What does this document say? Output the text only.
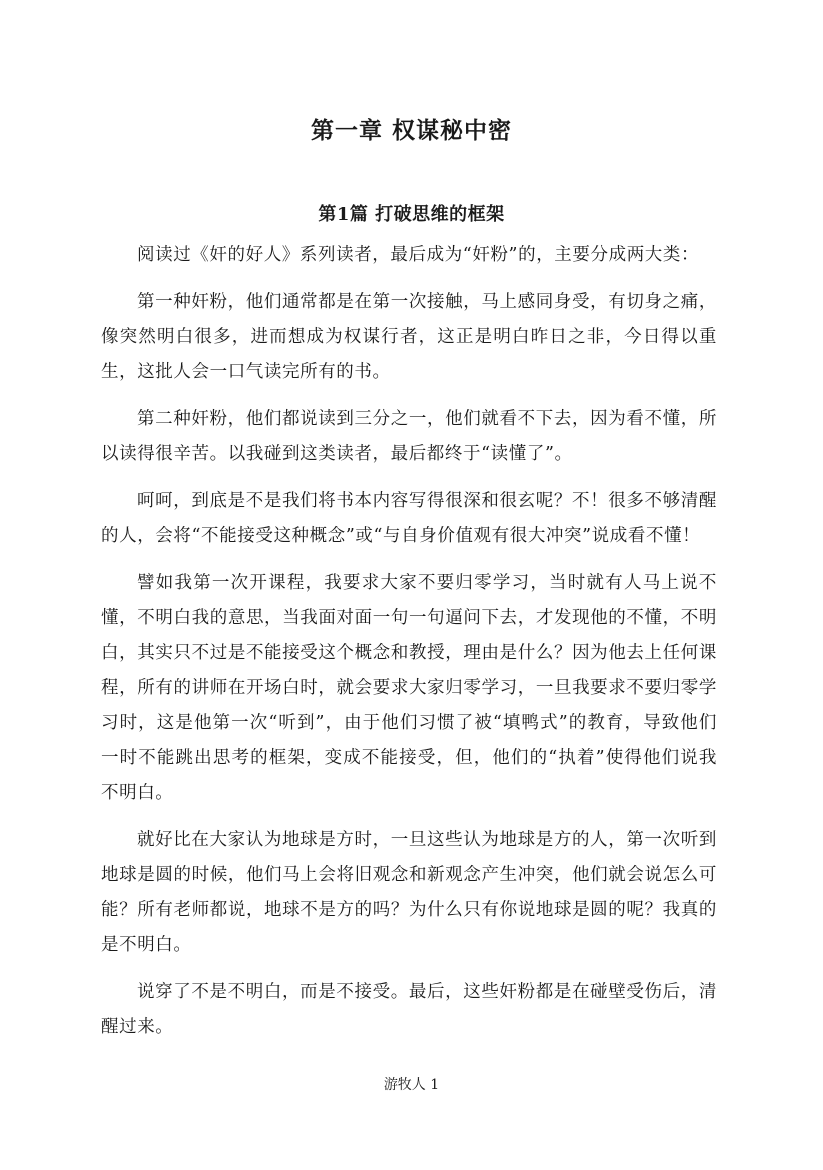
第一章 权谋秘中密
第1篇 打破思维的框架

阅读过《奸的好人》系列读者，最后成为“奸粉”的，主要分成两大类：

第一种奸粉，他们通常都是在第一次接触，马上感同身受，有切身之痛，像突然明白很多，进而想成为权谋行者，这正是明白昨日之非，今日得以重生，这批人会一口气读完所有的书。

第二种奸粉，他们都说读到三分之一，他们就看不下去，因为看不懂，所以读得很辛苦。以我碰到这类读者，最后都终于“读懂了”。

呵呵，到底是不是我们将书本内容写得很深和很玄呢？不！很多不够清醒的人，会将“不能接受这种概念”或“与自身价值观有很大冲突”说成看不懂！

譬如我第一次开课程，我要求大家不要归零学习，当时就有人马上说不懂，不明白我的意思，当我面对面一句一句逼问下去，才发现他的不懂，不明白，其实只不过是不能接受这个概念和教授，理由是什么？因为他去上任何课程，所有的讲师在开场白时，就会要求大家归零学习，一旦我要求不要归零学习时，这是他第一次“听到”，由于他们习惯了被“填鸭式”的教育，导致他们一时不能跳出思考的框架，变成不能接受，但，他们的“执着”使得他们说我不明白。

就好比在大家认为地球是方时，一旦这些认为地球是方的人，第一次听到地球是圆的时候，他们马上会将旧观念和新观念产生冲突，他们就会说怎么可能？所有老师都说，地球不是方的吗？为什么只有你说地球是圆的呢？我真的是不明白。

说穿了不是不明白，而是不接受。最后，这些奸粉都是在碰壁受伤后，清醒过来。

游牧人 1
